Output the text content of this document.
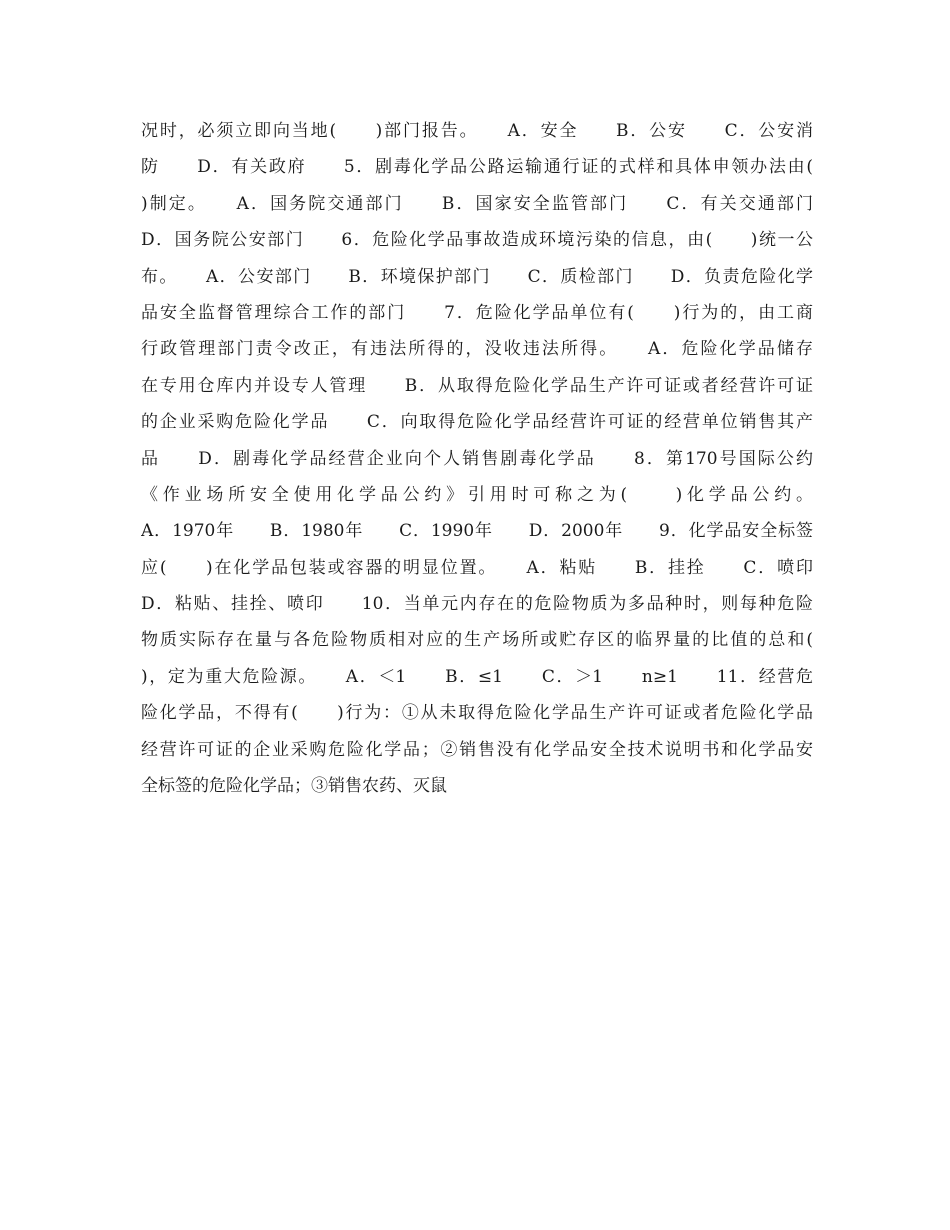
况时，必须立即向当地(　　)部门报告。　　A．安全　　B．公安　　C．公安消
防　　D．有关政府　　5．剧毒化学品公路运输通行证的式样和具体申领办法由(
)制定。　　A．国务院交通部门　　B．国家安全监管部门　　C．有关交通部门
D．国务院公安部门　　6．危险化学品事故造成环境污染的信息，由(　　)统一公
布。　　A．公安部门　　B．环境保护部门　　C．质检部门　　D．负责危险化学
品安全监督管理综合工作的部门　　7．危险化学品单位有(　　)行为的，由工商
行政管理部门责令改正，有违法所得的，没收违法所得。　　A．危险化学品储存
在专用仓库内并设专人管理　　B．从取得危险化学品生产许可证或者经营许可证
的企业采购危险化学品　　C．向取得危险化学品经营许可证的经营单位销售其产
品　　D．剧毒化学品经营企业向个人销售剧毒化学品　　8．第170号国际公约
《作业场所安全使用化学品公约》引用时可称之为(　　)化学品公约。
A．1970年　　B．1980年　　C．1990年　　D．2000年　　9．化学品安全标签
应(　　)在化学品包装或容器的明显位置。　　A．粘贴　　B．挂拴　　C．喷印
D．粘贴、挂拴、喷印　　10．当单元内存在的危险物质为多品种时，则每种危险
物质实际存在量与各危险物质相对应的生产场所或贮存区的临界量的比值的总和(
)，定为重大危险源。　　A．＜1　　B．≤1　　C．＞1　　n≥1　　11．经营危
险化学品，不得有(　　)行为：①从未取得危险化学品生产许可证或者危险化学品
经营许可证的企业采购危险化学品；②销售没有化学品安全技术说明书和化学品安
全标签的危险化学品；③销售农药、灭鼠
